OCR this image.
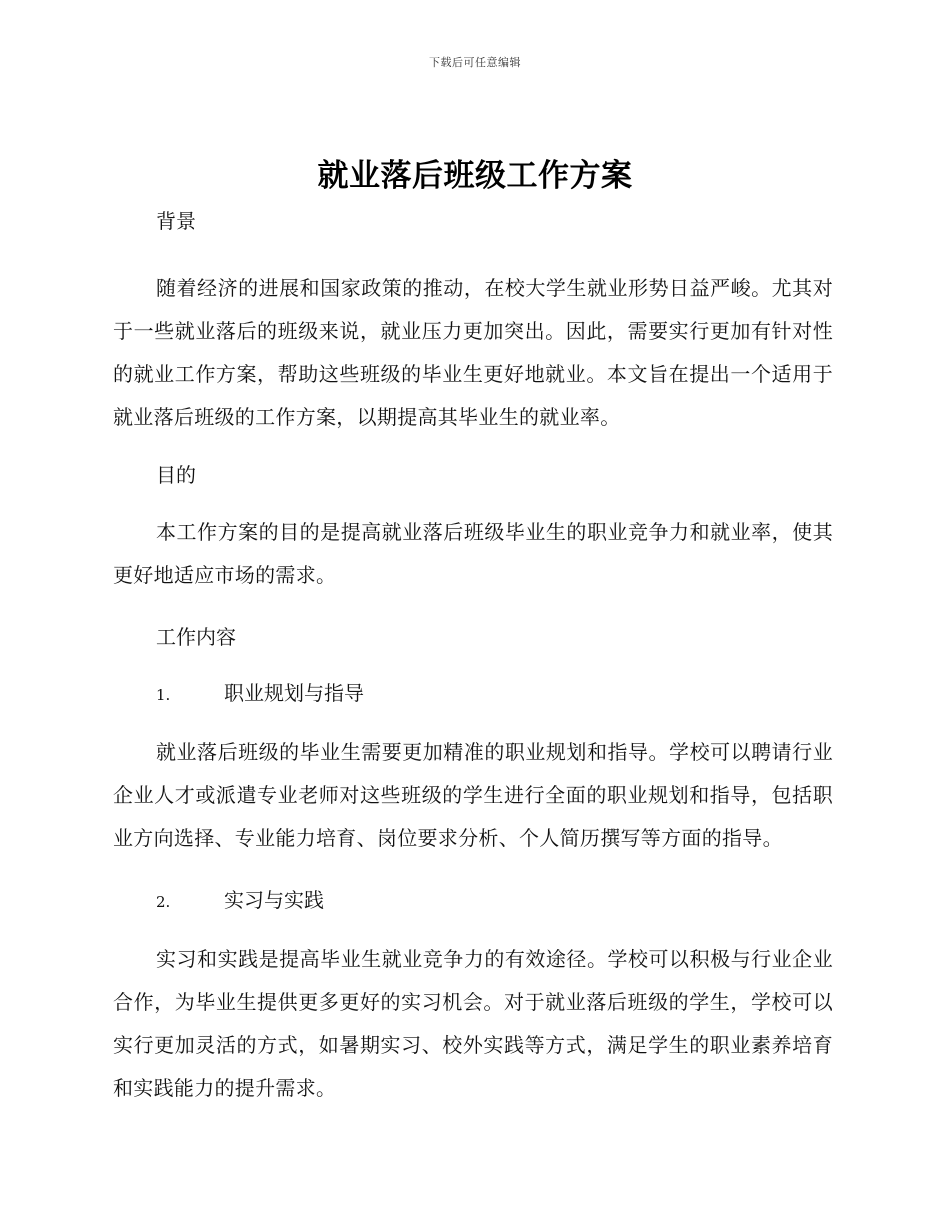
下载后可任意编辑
就业落后班级工作方案
背景

随着经济的进展和国家政策的推动，在校大学生就业形势日益严峻。尤其对于一些就业落后的班级来说，就业压力更加突出。因此，需要实行更加有针对性的就业工作方案，帮助这些班级的毕业生更好地就业。本文旨在提出一个适用于就业落后班级的工作方案，以期提高其毕业生的就业率。

目的

本工作方案的目的是提高就业落后班级毕业生的职业竞争力和就业率，使其更好地适应市场的需求。

工作内容
1.	职业规划与指导

就业落后班级的毕业生需要更加精准的职业规划和指导。学校可以聘请行业企业人才或派遣专业老师对这些班级的学生进行全面的职业规划和指导，包括职业方向选择、专业能力培育、岗位要求分析、个人简历撰写等方面的指导。

2.	实习与实践

实习和实践是提高毕业生就业竞争力的有效途径。学校可以积极与行业企业合作，为毕业生提供更多更好的实习机会。对于就业落后班级的学生，学校可以实行更加灵活的方式，如暑期实习、校外实践等方式，满足学生的职业素养培育和实践能力的提升需求。
